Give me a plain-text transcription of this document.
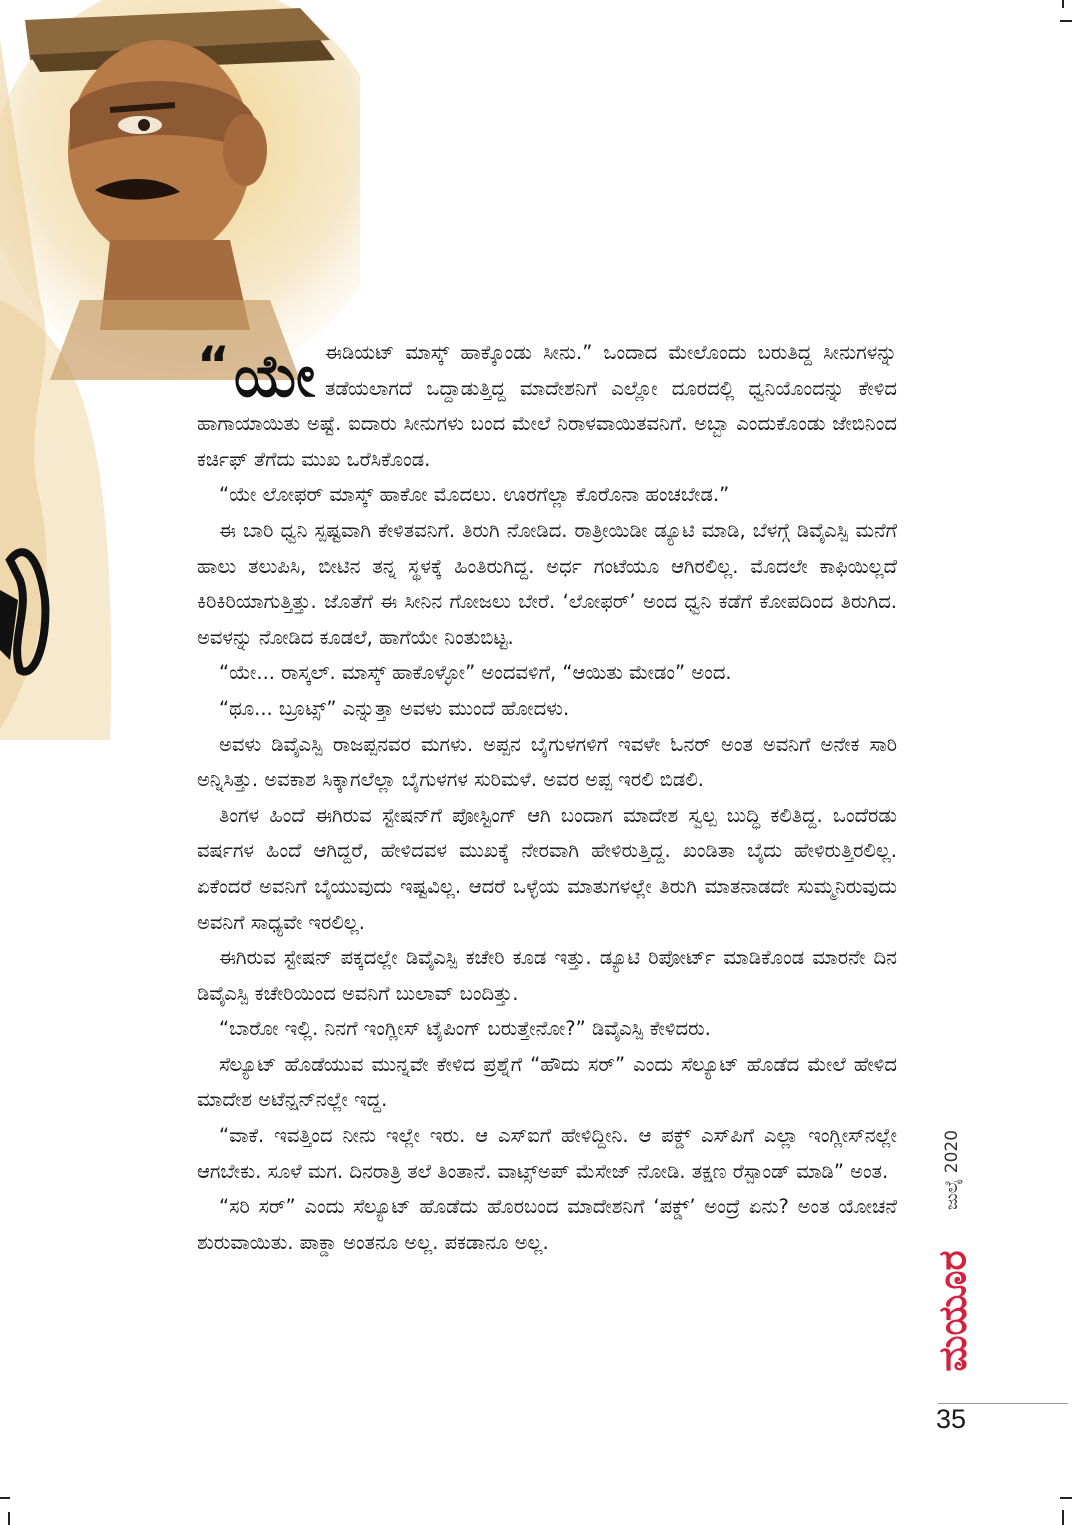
“ಯೇ ಈಡಿಯಟ್ ಮಾಸ್ಕ್ ಹಾಕ್ಕೊಂಡು ಸೀನು.” ಒಂದಾದ ಮೇಲೊಂದು ಬರುತಿದ್ದ ಸೀನುಗಳನ್ನು ತಡೆಯಲಾಗದೆ ಒದ್ದಾಡುತ್ತಿದ್ದ ಮಾದೇಶನಿಗೆ ಎಲ್ಲೋ ದೂರದಲ್ಲಿ ಧ್ವನಿಯೊಂದನ್ನು ಕೇಳಿದ ಹಾಗಾಯಾಯಿತು ಅಷ್ಟೆ. ಐದಾರು ಸೀನುಗಳು ಬಂದ ಮೇಲೆ ನಿರಾಳವಾಯಿತವನಿಗೆ. ಅಬ್ಬಾ ಎಂದುಕೊಂಡು ಜೇಬಿನಿಂದ ಕರ್ಚಿಫ್ ತೆಗೆದು ಮುಖ ಒರೆಸಿಕೊಂಡ.

“ಯೇ ಲೋಫರ್ ಮಾಸ್ಕ್ ಹಾಕೋ ಮೊದಲು. ಊರಗೆಲ್ಲಾ ಕೊರೊನಾ ಹಂಚಬೇಡ.”

ಈ ಬಾರಿ ಧ್ವನಿ ಸ್ಪಷ್ಟವಾಗಿ ಕೇಳಿತವನಿಗೆ. ತಿರುಗಿ ನೋಡಿದ. ರಾತ್ರೀಯಿಡೀ ಡ್ಯೂಟಿ ಮಾಡಿ, ಬೆಳಗ್ಗೆ ಡಿವೈಎಸ್ಪಿ ಮನೆಗೆ ಹಾಲು ತಲುಪಿಸಿ, ಬೀಟಿನ ತನ್ನ ಸ್ಥಳಕ್ಕೆ ಹಿಂತಿರುಗಿದ್ದ. ಅರ್ಧ ಗಂಟೆಯೂ ಆಗಿರಲಿಲ್ಲ. ಮೊದಲೇ ಕಾಫಿಯಿಲ್ಲದೆ ಕಿರಿಕಿರಿಯಾಗುತ್ತಿತ್ತು. ಜೊತೆಗೆ ಈ ಸೀನಿನ ಗೋಜಲು ಬೇರೆ. ‘ಲೋಫರ್’ ಅಂದ ಧ್ವನಿ ಕಡೆಗೆ ಕೋಪದಿಂದ ತಿರುಗಿದ. ಅವಳನ್ನು ನೋಡಿದ ಕೂಡಲೆ, ಹಾಗೆಯೇ ನಿಂತುಬಿಟ್ಟ.

“ಯೇ... ರಾಸ್ಕಲ್. ಮಾಸ್ಕ್ ಹಾಕೊಳ್ಳೋ” ಅಂದವಳಿಗೆ, “ಆಯಿತು ಮೇಡಂ” ಅಂದ.

“ಥೂ... ಬ್ರೂಟ್ಸ್” ಎನ್ನುತ್ತಾ ಅವಳು ಮುಂದೆ ಹೋದಳು.

ಅವಳು ಡಿವೈಎಸ್ಪಿ ರಾಜಪ್ಪನವರ ಮಗಳು. ಅಪ್ಪನ ಬೈಗುಳಗಳಿಗೆ ಇವಳೇ ಓನರ್ ಅಂತ ಅವನಿಗೆ ಅನೇಕ ಸಾರಿ ಅನ್ನಿಸಿತ್ತು. ಅವಕಾಶ ಸಿಕ್ಕಾಗಲೆಲ್ಲಾ ಬೈಗುಳಗಳ ಸುರಿಮಳೆ. ಅವರ ಅಪ್ಪ ಇರಲಿ ಬಿಡಲಿ.

ತಿಂಗಳ ಹಿಂದೆ ಈಗಿರುವ ಸ್ಟೇಷನ್‌ಗೆ ಪೋಸ್ಟಿಂಗ್ ಆಗಿ ಬಂದಾಗ ಮಾದೇಶ ಸ್ವಲ್ಪ ಬುದ್ಧಿ ಕಲಿತಿದ್ದ. ಒಂದೆರಡು ವರ್ಷಗಳ ಹಿಂದೆ ಆಗಿದ್ದರೆ, ಹೇಳಿದವಳ ಮುಖಕ್ಕೆ ನೇರವಾಗಿ ಹೇಳಿರುತ್ತಿದ್ದ. ಖಂಡಿತಾ ಬೈದು ಹೇಳಿರುತ್ತಿರಲಿಲ್ಲ. ಏಕೆಂದರೆ ಅವನಿಗೆ ಬೈಯುವುದು ಇಷ್ಟವಿಲ್ಲ. ಆದರೆ ಒಳ್ಳೆಯ ಮಾತುಗಳಲ್ಲೇ ತಿರುಗಿ ಮಾತನಾಡದೇ ಸುಮ್ಮನಿರುವುದು ಅವನಿಗೆ ಸಾಧ್ಯವೇ ಇರಲಿಲ್ಲ.

ಈಗಿರುವ ಸ್ಟೇಷನ್ ಪಕ್ಕದಲ್ಲೇ ಡಿವೈಎಸ್ಪಿ ಕಚೇರಿ ಕೂಡ ಇತ್ತು. ಡ್ಯೂಟಿ ರಿಪೋರ್ಟ್ ಮಾಡಿಕೊಂಡ ಮಾರನೇ ದಿನ ಡಿವೈಎಸ್ಪಿ ಕಚೇರಿಯಿಂದ ಅವನಿಗೆ ಬುಲಾವ್ ಬಂದಿತ್ತು.

“ಬಾರೋ ಇಲ್ಲಿ. ನಿನಗೆ ಇಂಗ್ಲೀಸ್ ಟೈಪಿಂಗ್ ಬರುತ್ತೇನೋ?” ಡಿವೈಎಸ್ಪಿ ಕೇಳಿದರು.

ಸೆಲ್ಯೂಟ್ ಹೊಡೆಯುವ ಮುನ್ನವೇ ಕೇಳಿದ ಪ್ರಶ್ನೆಗೆ “ಹೌದು ಸರ್” ಎಂದು ಸೆಲ್ಯೂಟ್ ಹೊಡೆದ ಮೇಲೆ ಹೇಳಿದ ಮಾದೇಶ ಅಟೆನ್ಷನ್‌ನಲ್ಲೇ ಇದ್ದ.

“ವಾಕೆ. ಇವತ್ತಿಂದ ನೀನು ಇಲ್ಲೇ ಇರು. ಆ ಎಸ್‌ಐಗೆ ಹೇಳಿದ್ದೀನಿ. ಆ ಪಕ್ಡ್ ಎಸ್‌ಪಿಗೆ ಎಲ್ಲಾ ಇಂಗ್ಲೀಸ್‌ನಲ್ಲೇ ಆಗಬೇಕು. ಸೂಳೆ ಮಗ. ದಿನರಾತ್ರಿ ತಲೆ ತಿಂತಾನೆ. ವಾಟ್ಸ್‌ಅಪ್ ಮೆಸೇಜ್ ನೋಡಿ. ತಕ್ಷಣ ರೆಸ್ಪಾಂಡ್ ಮಾಡಿ” ಅಂತ.

“ಸರಿ ಸರ್” ಎಂದು ಸೆಲ್ಯೂಟ್ ಹೊಡೆದು ಹೊರಬಂದ ಮಾದೇಶನಿಗೆ ‘ಪಕ್ಡ್’ ಅಂದ್ರೆ ಏನು? ಅಂತ ಯೋಚನೆ ಶುರುವಾಯಿತು. ಪಾಕ್ಡಾ ಅಂತನೂ ಅಲ್ಲ. ಪಕಡಾನೂ ಅಲ್ಲ.

ಜುಲೈ 2020
ಮಯೂರ
35
